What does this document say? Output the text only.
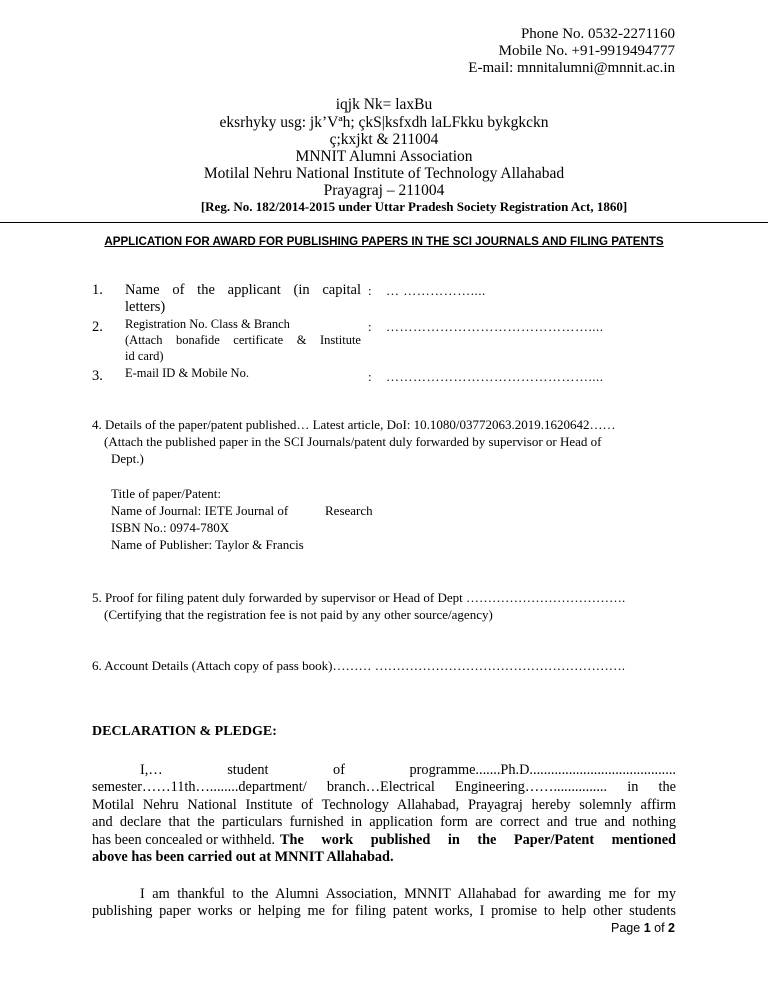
Phone No. 0532-2271160
Mobile No. +91-9919494777
E-mail: mnnitalumni@mnnit.ac.in
iqjk Nk= laxBu
eksrhyky usg: jk’Vªh; çkS|ksfxdh laLFkku bykgkckn
ç;kxjkt & 211004
MNNIT Alumni Association
Motilal Nehru National Institute of Technology Allahabad
Prayagraj – 211004
[Reg. No. 182/2014-2015 under Uttar Pradesh Society Registration Act, 1860]
APPLICATION FOR AWARD FOR PUBLISHING PAPERS IN THE SCI JOURNALS AND FILING PATENTS
1. Name of the applicant (in capital
letters)
: … ……………....
2. Registration No. Class & Branch
(Attach bonafide certificate & Institute
id card)
: ………………………………………....
3. E-mail ID & Mobile No.	: ………………………………………....
4. Details of the paper/patent published… Latest article, DoI: 10.1080/03772063.2019.1620642……
(Attach the published paper in the SCI Journals/patent duly forwarded by supervisor or Head of
Dept.)
Title of paper/Patent:
Name of Journal: IETE Journal of	Research
ISBN No.: 0974-780X
Name of Publisher: Taylor & Francis
5. Proof for filing patent duly forwarded by supervisor or Head of Dept ……………………………….
(Certifying that the registration fee is not paid by any other source/agency)
6. Account Details (Attach copy of pass book)……… ………………………………………………….
DECLARATION & PLEDGE:
I,…	student	of	programme.......Ph.D.........................................
semester……11th…........department/ branch…Electrical Engineering……............... in the
Motilal Nehru National Institute of Technology Allahabad, Prayagraj hereby solemnly affirm
and declare that the particulars furnished in application form are correct and true and nothing
has been concealed or withheld. The work published in the Paper/Patent mentioned
above has been carried out at MNNIT Allahabad.
I am thankful to the Alumni Association, MNNIT Allahabad for awarding me for my
publishing paper works or helping me for filing patent works, I promise to help other students
Page 1 of 2
